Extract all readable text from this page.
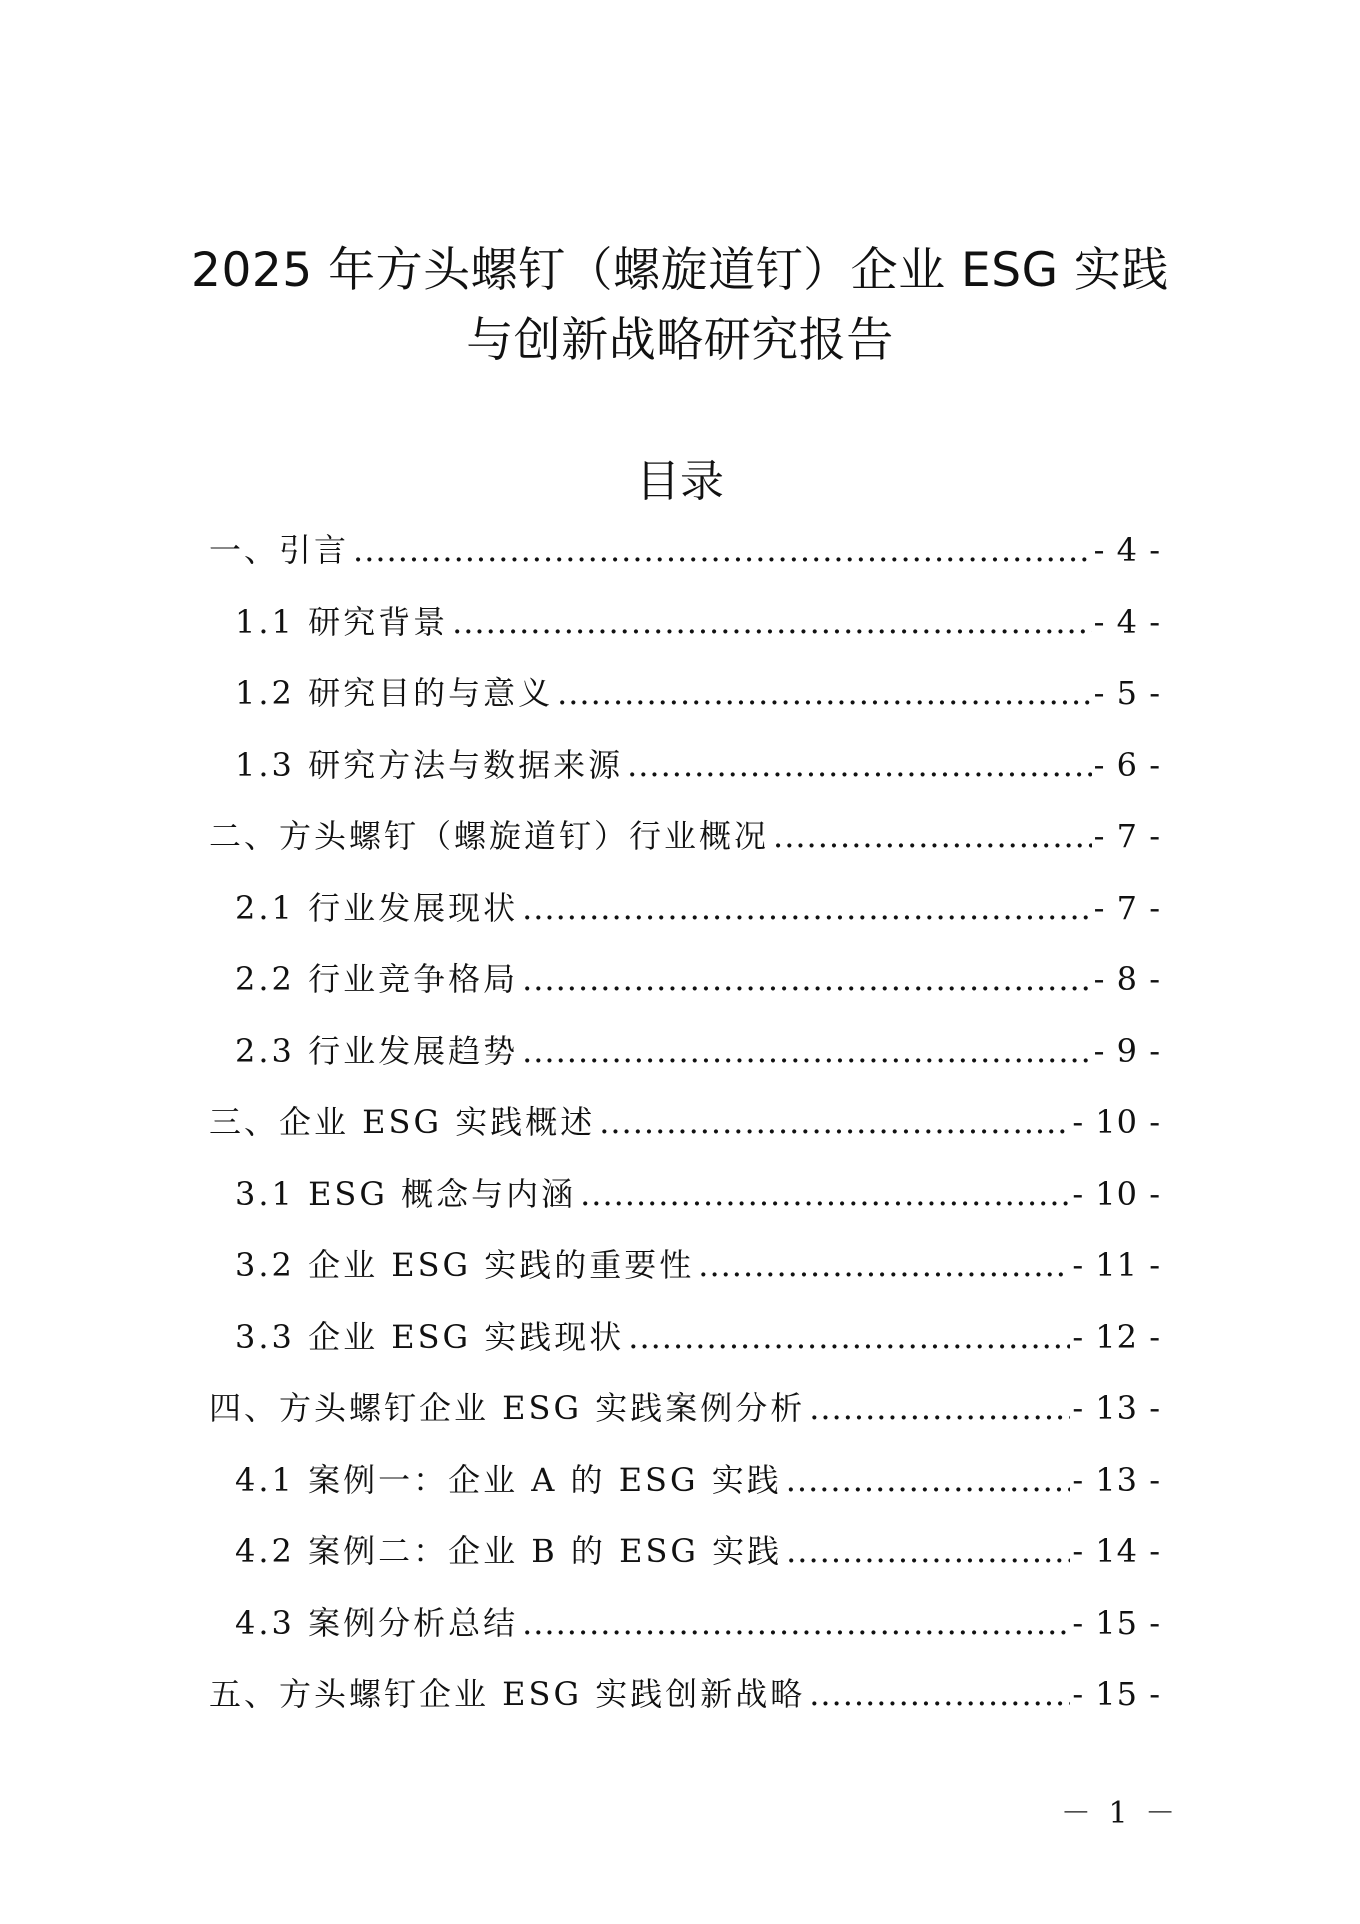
2025 年方头螺钉（螺旋道钉）企业 ESG 实践
与创新战略研究报告
目录
一、引言 .....	- 4 -
1.1 研究背景 .....	- 4 -
1.2 研究目的与意义 .....	- 5 -
1.3 研究方法与数据来源 .....	- 6 -
二、方头螺钉（螺旋道钉）行业概况 .....	- 7 -
2.1 行业发展现状 .....	- 7 -
2.2 行业竞争格局 .....	- 8 -
2.3 行业发展趋势 .....	- 9 -
三、企业 ESG 实践概述 .....	- 10 -
3.1 ESG 概念与内涵 .....	- 10 -
3.2 企业 ESG 实践的重要性 .....	- 11 -
3.3 企业 ESG 实践现状 .....	- 12 -
四、方头螺钉企业 ESG 实践案例分析 .....	- 13 -
4.1 案例一：企业 A 的 ESG 实践 .....	- 13 -
4.2 案例二：企业 B 的 ESG 实践 .....	- 14 -
4.3 案例分析总结 .....	- 15 -
五、方头螺钉企业 ESG 实践创新战略 .....	- 15 -
－ 1 －
